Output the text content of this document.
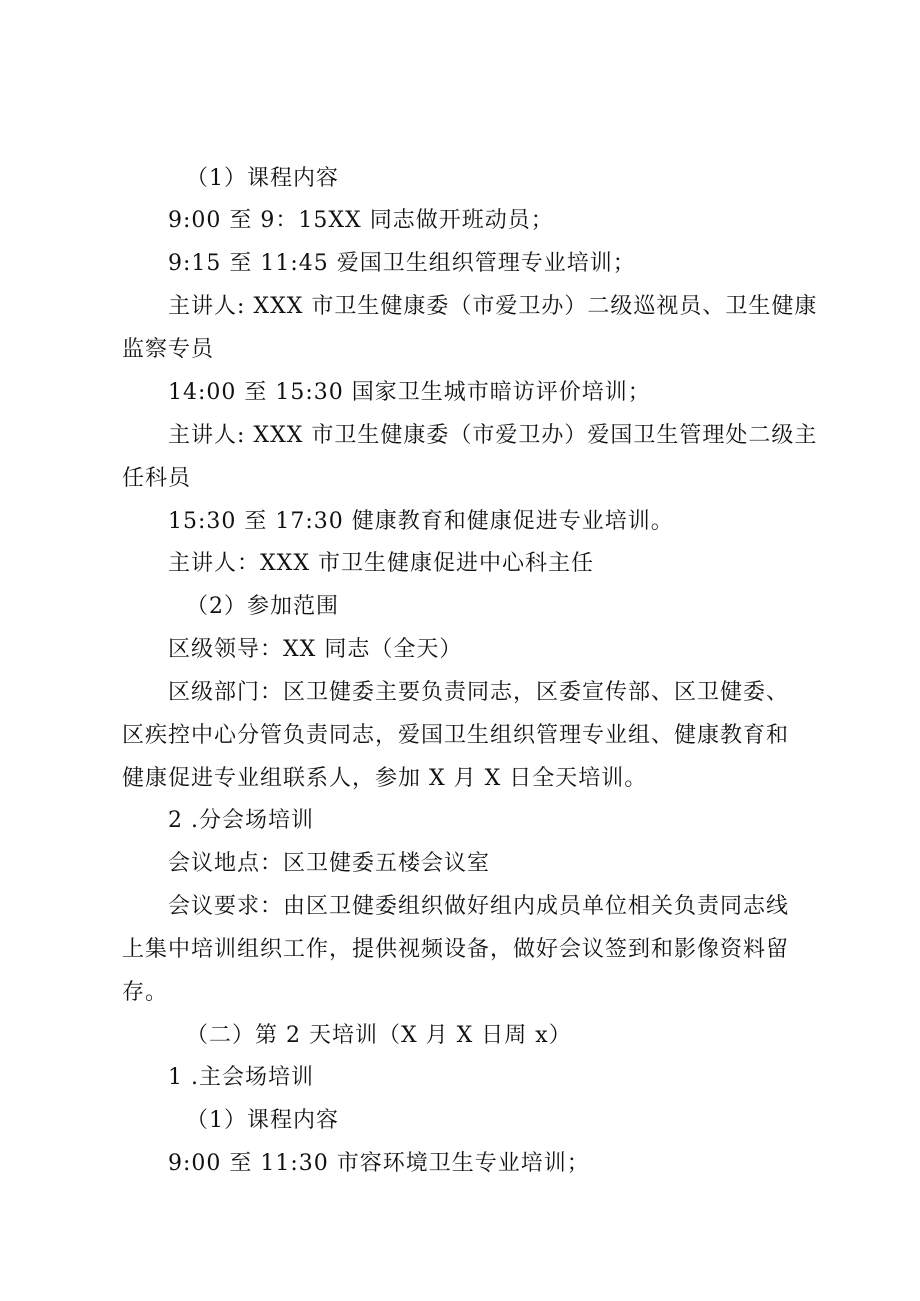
（1）课程内容
9:00 至 9：15XX 同志做开班动员；
9:15 至 11:45 爱国卫生组织管理专业培训；
主讲人: XXX 市卫生健康委（市爱卫办）二级巡视员、卫生健康
监察专员
14:00 至 15:30 国家卫生城市暗访评价培训；
主讲人: XXX 市卫生健康委（市爱卫办）爱国卫生管理处二级主
任科员
15:30 至 17:30 健康教育和健康促进专业培训。
主讲人：XXX 市卫生健康促进中心科主任
（2）参加范围
区级领导：XX 同志（全天）
区级部门：区卫健委主要负责同志，区委宣传部、区卫健委、
区疾控中心分管负责同志，爱国卫生组织管理专业组、健康教育和
健康促进专业组联系人，参加 X 月 X 日全天培训。
2 .分会场培训
会议地点：区卫健委五楼会议室
会议要求：由区卫健委组织做好组内成员单位相关负责同志线
上集中培训组织工作，提供视频设备，做好会议签到和影像资料留
存。
（二）第 2 天培训（X 月 X 日周 x）
1 .主会场培训
（1）课程内容
9:00 至 11:30 市容环境卫生专业培训；
